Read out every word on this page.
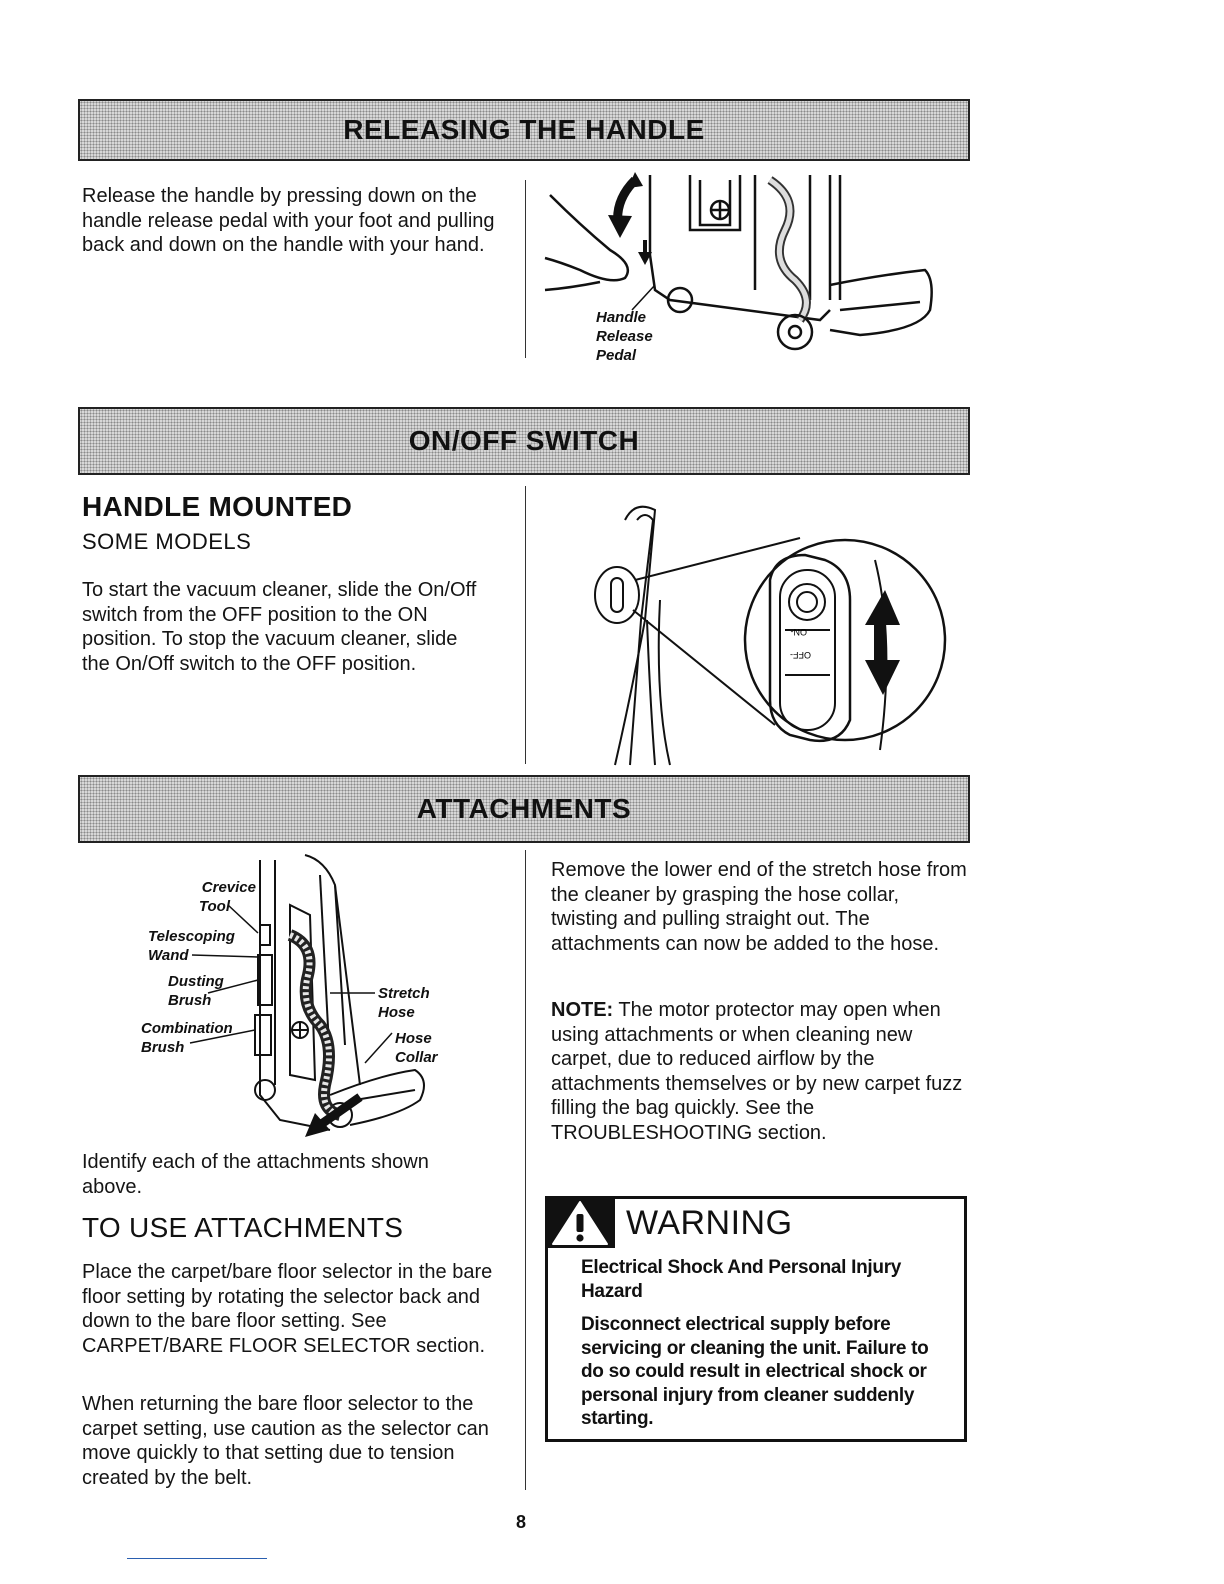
RELEASING THE HANDLE
Release the handle by pressing down on the handle release pedal with your foot and pulling back and down on the handle with your hand.
Handle
Release
Pedal
ON/OFF SWITCH
HANDLE MOUNTED
SOME MODELS
To start the vacuum cleaner, slide the On/Off switch from the OFF position to the ON position. To stop the vacuum cleaner, slide the On/Off switch to the OFF position.
ON-
OFF-
ATTACHMENTS
Crevice
Tool
Telescoping
Wand
Dusting
Brush
Combination
Brush
Stretch
Hose
Hose
Collar
Identify each of the attachments shown above.
TO USE ATTACHMENTS
Place the carpet/bare floor selector in the bare floor setting by rotating the selector back and down to the bare floor setting. See CARPET/BARE FLOOR SELECTOR section.
When returning the bare floor selector to the carpet setting, use caution as the selector can move quickly to that setting due to tension created by the belt.
Remove the lower end of the stretch hose from the cleaner by grasping the hose collar, twisting and pulling straight out. The attachments can now be added to the hose.
NOTE: The motor protector may open when using attachments or when cleaning new carpet, due to reduced airflow by the attachments themselves or by new carpet fuzz filling the bag quickly. See the TROUBLESHOOTING section.
WARNING
Electrical Shock And Personal Injury Hazard
Disconnect electrical supply before servicing or cleaning the unit. Failure to do so could result in electrical shock or personal injury from cleaner suddenly starting.
8
